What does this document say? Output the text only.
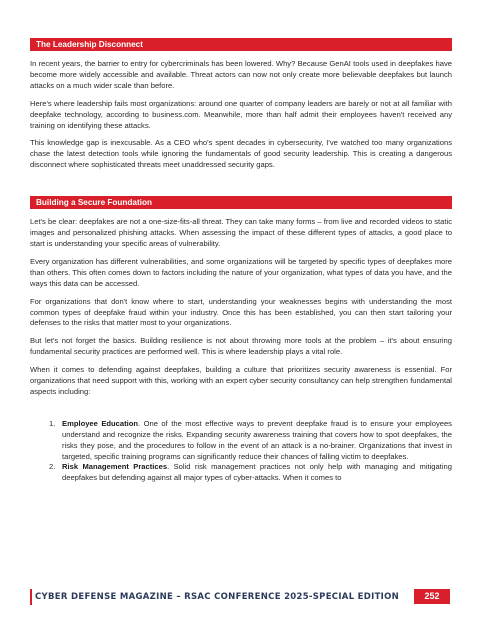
The Leadership Disconnect

In recent years, the barrier to entry for cybercriminals has been lowered. Why? Because GenAI tools used in deepfakes have become more widely accessible and available. Threat actors can now not only create more believable deepfakes but launch attacks on a much wider scale than before.

Here's where leadership fails most organizations: around one quarter of company leaders are barely or not at all familiar with deepfake technology, according to business.com. Meanwhile, more than half admit their employees haven't received any training on identifying these attacks.

This knowledge gap is inexcusable. As a CEO who's spent decades in cybersecurity, I've watched too many organizations chase the latest detection tools while ignoring the fundamentals of good security leadership. This is creating a dangerous disconnect where sophisticated threats meet unaddressed security gaps.

Building a Secure Foundation

Let's be clear: deepfakes are not a one-size-fits-all threat. They can take many forms – from live and recorded videos to static images and personalized phishing attacks. When assessing the impact of these different types of attacks, a good place to start is understanding your specific areas of vulnerability.

Every organization has different vulnerabilities, and some organizations will be targeted by specific types of deepfakes more than others. This often comes down to factors including the nature of your organization, what types of data you have, and the ways this data can be accessed.

For organizations that don't know where to start, understanding your weaknesses begins with understanding the most common types of deepfake fraud within your industry. Once this has been established, you can then start tailoring your defenses to the risks that matter most to your organizations.

But let's not forget the basics. Building resilience is not about throwing more tools at the problem – it's about ensuring fundamental security practices are performed well. This is where leadership plays a vital role.

When it comes to defending against deepfakes, building a culture that prioritizes security awareness is essential. For organizations that need support with this, working with an expert cyber security consultancy can help strengthen fundamental aspects including:

1. Employee Education. One of the most effective ways to prevent deepfake fraud is to ensure your employees understand and recognize the risks. Expanding security awareness training that covers how to spot deepfakes, the risks they pose, and the procedures to follow in the event of an attack is a no-brainer. Organizations that invest in targeted, specific training programs can significantly reduce their chances of falling victim to deepfakes.
2. Risk Management Practices. Solid risk management practices not only help with managing and mitigating deepfakes but defending against all major types of cyber-attacks. When it comes to
CYBER DEFENSE MAGAZINE – RSAC CONFERENCE 2025-SPECIAL EDITION	252
